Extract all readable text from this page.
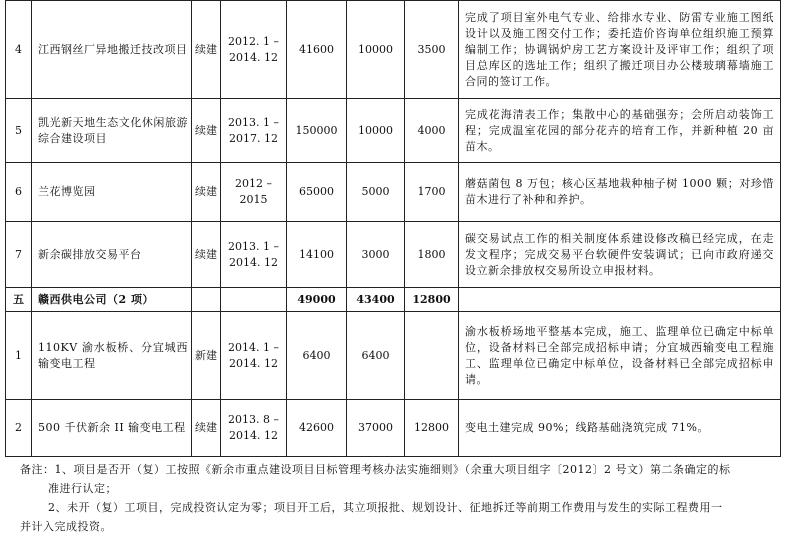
4	江西钢丝厂异地搬迁技改项目	续建	2012. 1 – 2014. 12	41600	10000	3500	完成了项目室外电气专业、给排水专业、防雷专业施工图纸设计以及施工图交付工作；委托造价咨询单位组织施工预算编制工作；协调锅炉房工艺方案设计及评审工作；组织了项目总库区的选址工作；组织了搬迁项目办公楼玻璃幕墙施工合同的签订工作。
5	凯光新天地生态文化休闲旅游综合建设项目	续建	2013. 1 – 2017. 12	150000	10000	4000	完成花海清表工作；集散中心的基础强夯；会所启动装饰工程；完成温室花园的部分花卉的培育工作，并新种植 20 亩苗木。
6	兰花博览园	续建	2012 – 2015	65000	5000	1700	蘑菇菌包 8 万包；核心区基地栽种柚子树 1000 颗；对珍惜苗木进行了补种和养护。
7	新余碳排放交易平台	续建	2013. 1 – 2014. 12	14100	3000	1800	碳交易试点工作的相关制度体系建设修改稿已经完成，在走发文程序；完成交易平台软硬件安装调试；已向市政府递交设立新余排放权交易所设立申报材料。
五	赣西供电公司（2 项）			49000	43400	12800	
1	110KV 渝水板桥、分宜城西输变电工程	新建	2014. 1 – 2014. 12	6400	6400		渝水板桥场地平整基本完成，施工、监理单位已确定中标单位，设备材料已全部完成招标申请；分宜城西输变电工程施工、监理单位已确定中标单位，设备材料已全部完成招标申请。
2	500 千伏新余 II 输变电工程	续建	2013. 8 – 2014. 12	42600	37000	12800	变电土建完成 90%；线路基础浇筑完成 71%。

备注：1、项目是否开（复）工按照《新余市重点建设项目目标管理考核办法实施细则》（余重大项目组字〔2012〕2 号文）第二条确定的标

准进行认定；

2、未开（复）工项目，完成投资认定为零；项目开工后，其立项报批、规划设计、征地拆迁等前期工作费用与发生的实际工程费用一

并计入完成投资。
